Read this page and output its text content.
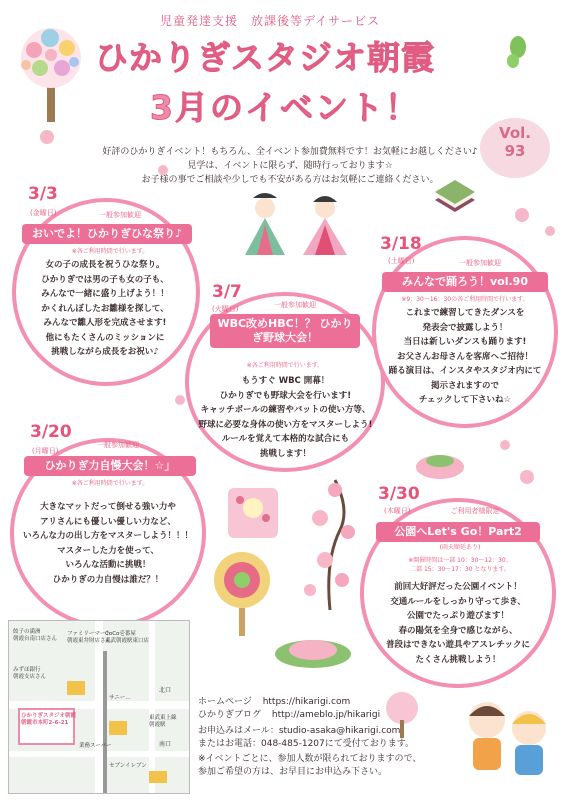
児童発達支援　放課後等デイサービス
ひかりぎスタジオ朝霞
3月のイベント！
Vol.
93
好評のひかりぎイベント！もちろん、全イベント参加費無料です！お気軽にお越しください♪
見学は、イベントに限らず、随時行っております☆
お子様の事でご相談や少しでも不安がある方はお気軽にご連絡ください。
3/3
(金曜日)	一般参加歓迎
おいでよ！ひかりぎひな祭り♪
※各ご利用時間で行います。
女の子の成長を祝うひな祭り。
ひかりぎでは男の子も女の子も、
みんなで一緒に盛り上げよう！！
かくれんぼしたお雛様を探して、
みんなで雛人形を完成させます!
他にもたくさんのミッションに
挑戦しながら成長をお祝い♪
3/7
(火曜日)	一般参加歓迎
WBC改めHBC！？ ひかりぎ野球大会！
※各ご利用時間で行います。
もうすぐ WBC 開幕！
ひかりぎでも野球大会を行います!
キャッチボールの練習やバットの使い方等、
野球に必要な身体の使い方をマスターしよう!
ルールを覚えて本格的な試合にも
挑戦します！
3/18
(土曜日)	一般参加歓迎
みんなで踊ろう！vol.90
※9：30～16：30の各ご利用時間で行います。
これまで練習してきたダンスを
発表会で披露しよう！
当日は新しいダンスも踊ります!
お父さんお母さんを客席へご招待！
踊る演目は、インスタやスタジオ内にて
掲示されますので
チェックして下さいね☆
3/20
(月曜日)
一般参加歓迎
ひかりぎ力自慢大会！☆」
※各ご利用時間で行います。
大きなマットだって倒せる強い力や
アリさんにも優しい優しい力など、
いろんな力の出し方をマスターしよう！！！
マスターした力を使って、
いろんな活動に挑戦！
ひかりぎの力自慢は誰だ？！
3/30
(木曜日)	ご利用者様限定
公園へLet's Go！Part2
(雨天順延あり)
※開催時間は一部 10：30～12：30、
二部 15：30～17：30 となります。
前回大好評だった公園イベント！
交通ルールをしっかり守って歩き、
公園でたっぷり遊びます！
春の陽気を全身で感じながら、
普段はできない遊具やアスレチックに
たくさん挑戦しよう！
餃子の満洲
朝霞台南口店さん
CoCo壱番屋
東武朝霞駅東口店
ファミリーマート
朝霞東弁財店さん
みずほ銀行
朝霞支店さん
北口
東武東上線
朝霞駅
南口
ひかりぎスタジオ朝霞
朝霞市本町2-6-21
セブンイレブン
業務スーパー
サニー…	ホームページ https://hikarigi.com
ひかりぎブログ http://ameblo.jp/hikarigi
お申込みはメール：studio-asaka@hikarigi.com
またはお電話：048-485-1207にて受付ております。
※イベントごとに、参加人数が限られておりますので、
参加ご希望の方は、お早目にお申込み下さい。
